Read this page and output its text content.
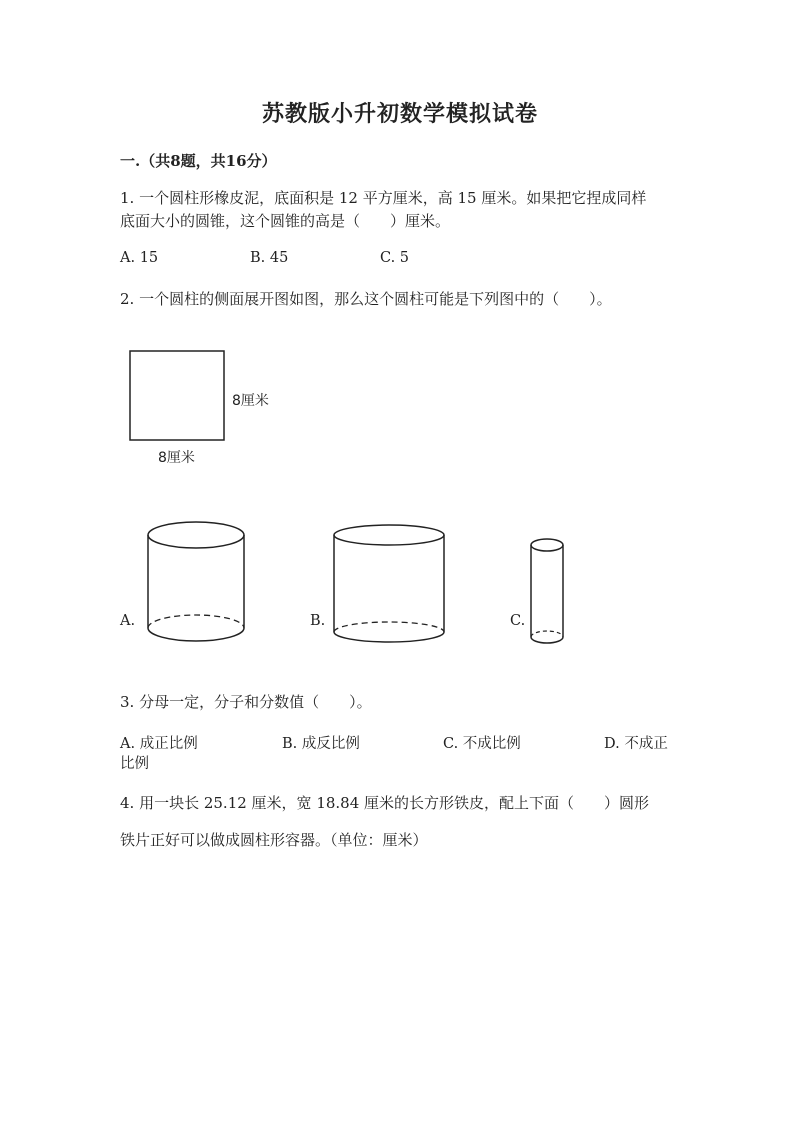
苏教版小升初数学模拟试卷
一.（共8题，共16分）
1. 一个圆柱形橡皮泥，底面积是 12 平方厘米，高 15 厘米。如果把它捏成同样
底面大小的圆锥，这个圆锥的高是（　　）厘米。
A. 15	B. 45	C. 5
2. 一个圆柱的侧面展开图如图，那么这个圆柱可能是下列图中的（　　）。
8厘米
8厘米
A.	B.	C.
3. 分母一定，分子和分数值（　　）。
A. 成正比例	B. 成反比例	C. 不成比例	D. 不成正
比例
4. 用一块长 25.12 厘米，宽 18.84 厘米的长方形铁皮，配上下面（　　）圆形
铁片正好可以做成圆柱形容器。（单位：厘米）
